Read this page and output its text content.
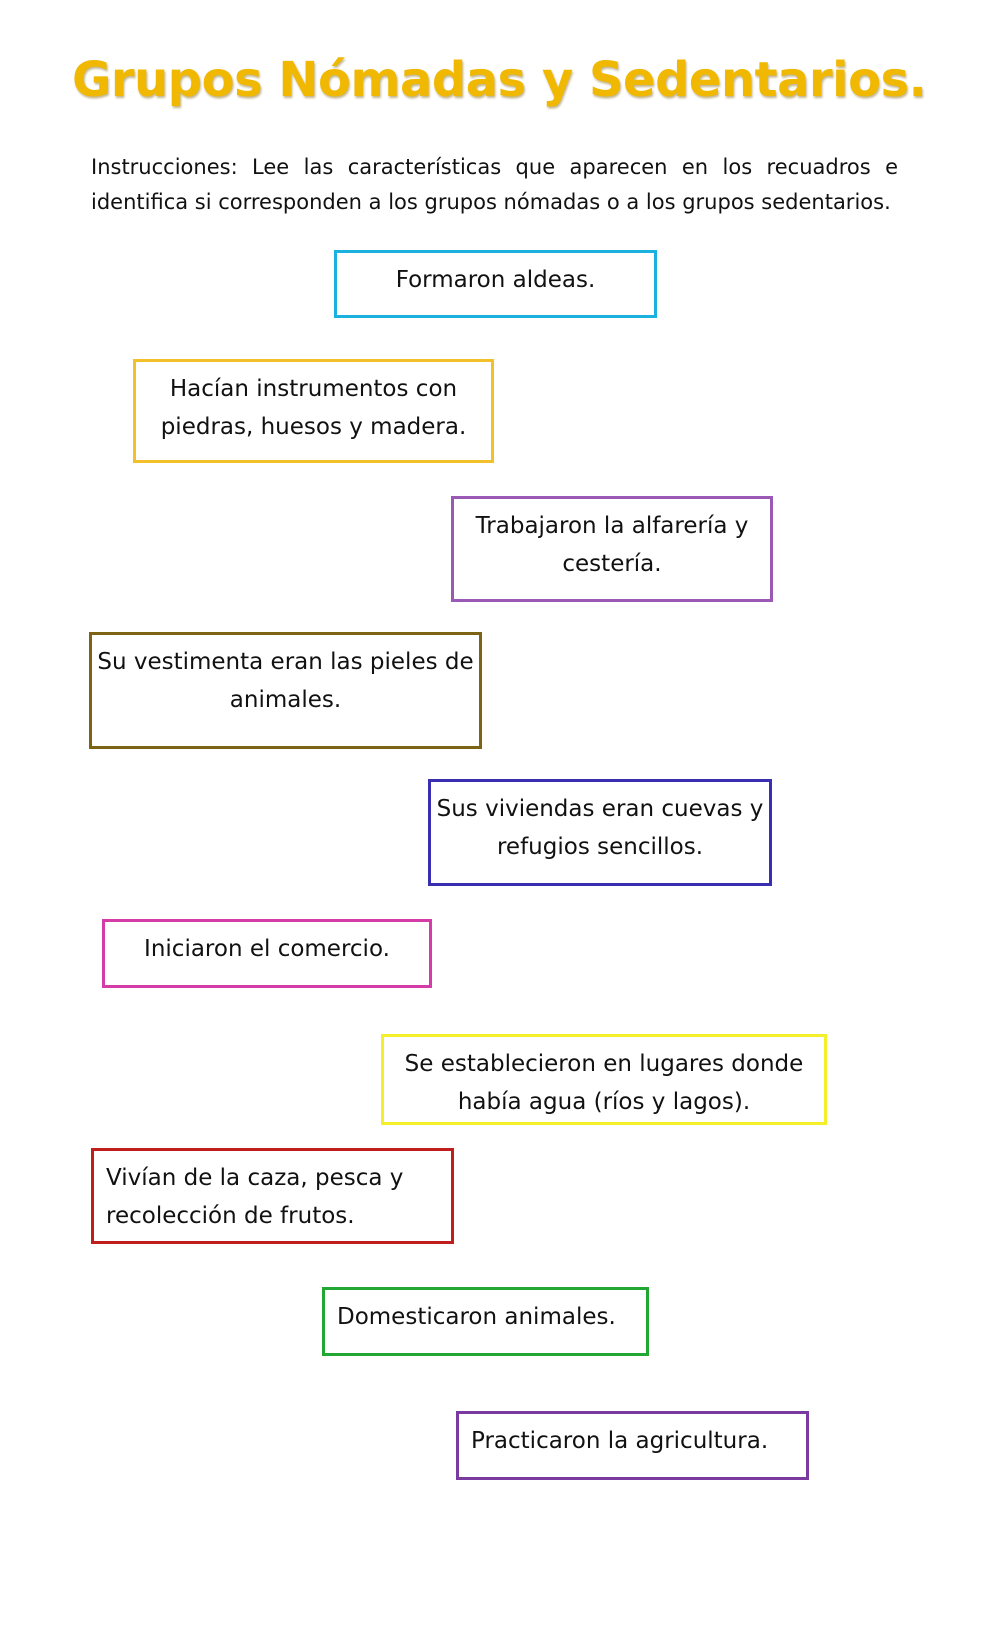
Grupos Nómadas y Sedentarios.

Instrucciones: Lee las características que aparecen en los recuadros e identifica si corresponden a los grupos nómadas o a los grupos sedentarios.

Formaron aldeas.
Hacían instrumentos con piedras, huesos y madera.
Trabajaron la alfarería y cestería.
Su vestimenta eran las pieles de animales.
Sus viviendas eran cuevas y refugios sencillos.
Iniciaron el comercio.
Se establecieron en lugares donde había agua (ríos y lagos).
Vivían de la caza, pesca y recolección de frutos.
Domesticaron animales.
Practicaron la agricultura.
